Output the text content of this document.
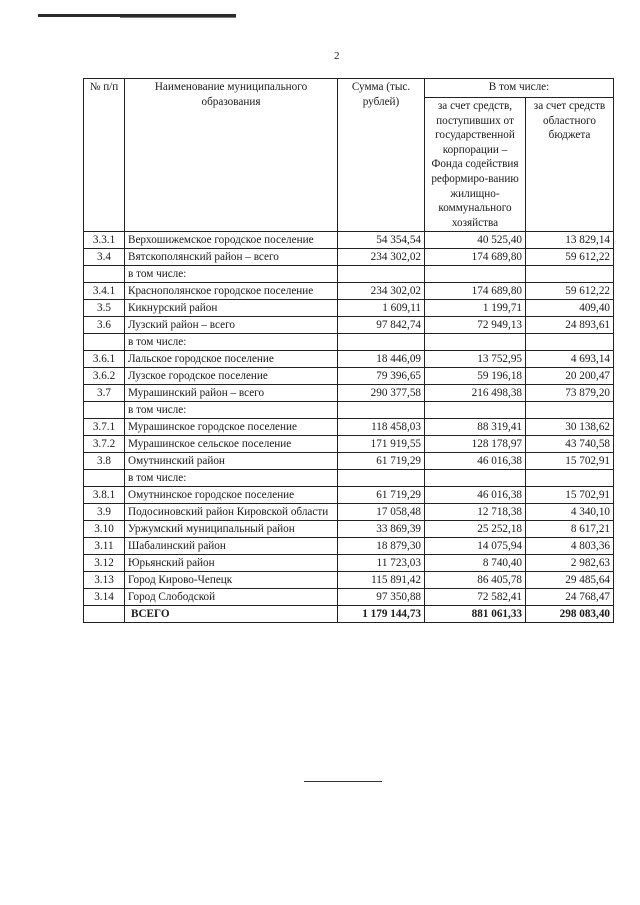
2
№ п/п	Наименование муниципального образования	Сумма (тыс. рублей)	В том числе:	
			за счет средств, поступивших от государственной корпорации – Фонда содействия реформиро-ванию жилищно-коммунального хозяйства	за счет средств областного бюджета
3.3.1	Верхошижемское городское поселение	54 354,54	40 525,40	13 829,14
3.4	Вятскополянский район – всего	234 302,02	174 689,80	59 612,22
	в том числе:			
3.4.1	Краснополянское городское поселение	234 302,02	174 689,80	59 612,22
3.5	Кикнурский район	1 609,11	1 199,71	409,40
3.6	Лузский район – всего	97 842,74	72 949,13	24 893,61
	в том числе:			
3.6.1	Лальское городское поселение	18 446,09	13 752,95	4 693,14
3.6.2	Лузское городское поселение	79 396,65	59 196,18	20 200,47
3.7	Мурашинский район – всего	290 377,58	216 498,38	73 879,20
	в том числе:			
3.7.1	Мурашинское городское поселение	118 458,03	88 319,41	30 138,62
3.7.2	Мурашинское сельское поселение	171 919,55	128 178,97	43 740,58
3.8	Омутнинский район	61 719,29	46 016,38	15 702,91
	в том числе:			
3.8.1	Омутнинское городское поселение	61 719,29	46 016,38	15 702,91
3.9	Подосиновский район Кировской области	17 058,48	12 718,38	4 340,10
3.10	Уржумский муниципальный район	33 869,39	25 252,18	8 617,21
3.11	Шабалинский район	18 879,30	14 075,94	4 803,36
3.12	Юрьянский район	11 723,03	8 740,40	2 982,63
3.13	Город Кирово-Чепецк	115 891,42	86 405,78	29 485,64
3.14	Город Слободской	97 350,88	72 582,41	24 768,47
	ВСЕГО	1 179 144,73	881 061,33	298 083,40
